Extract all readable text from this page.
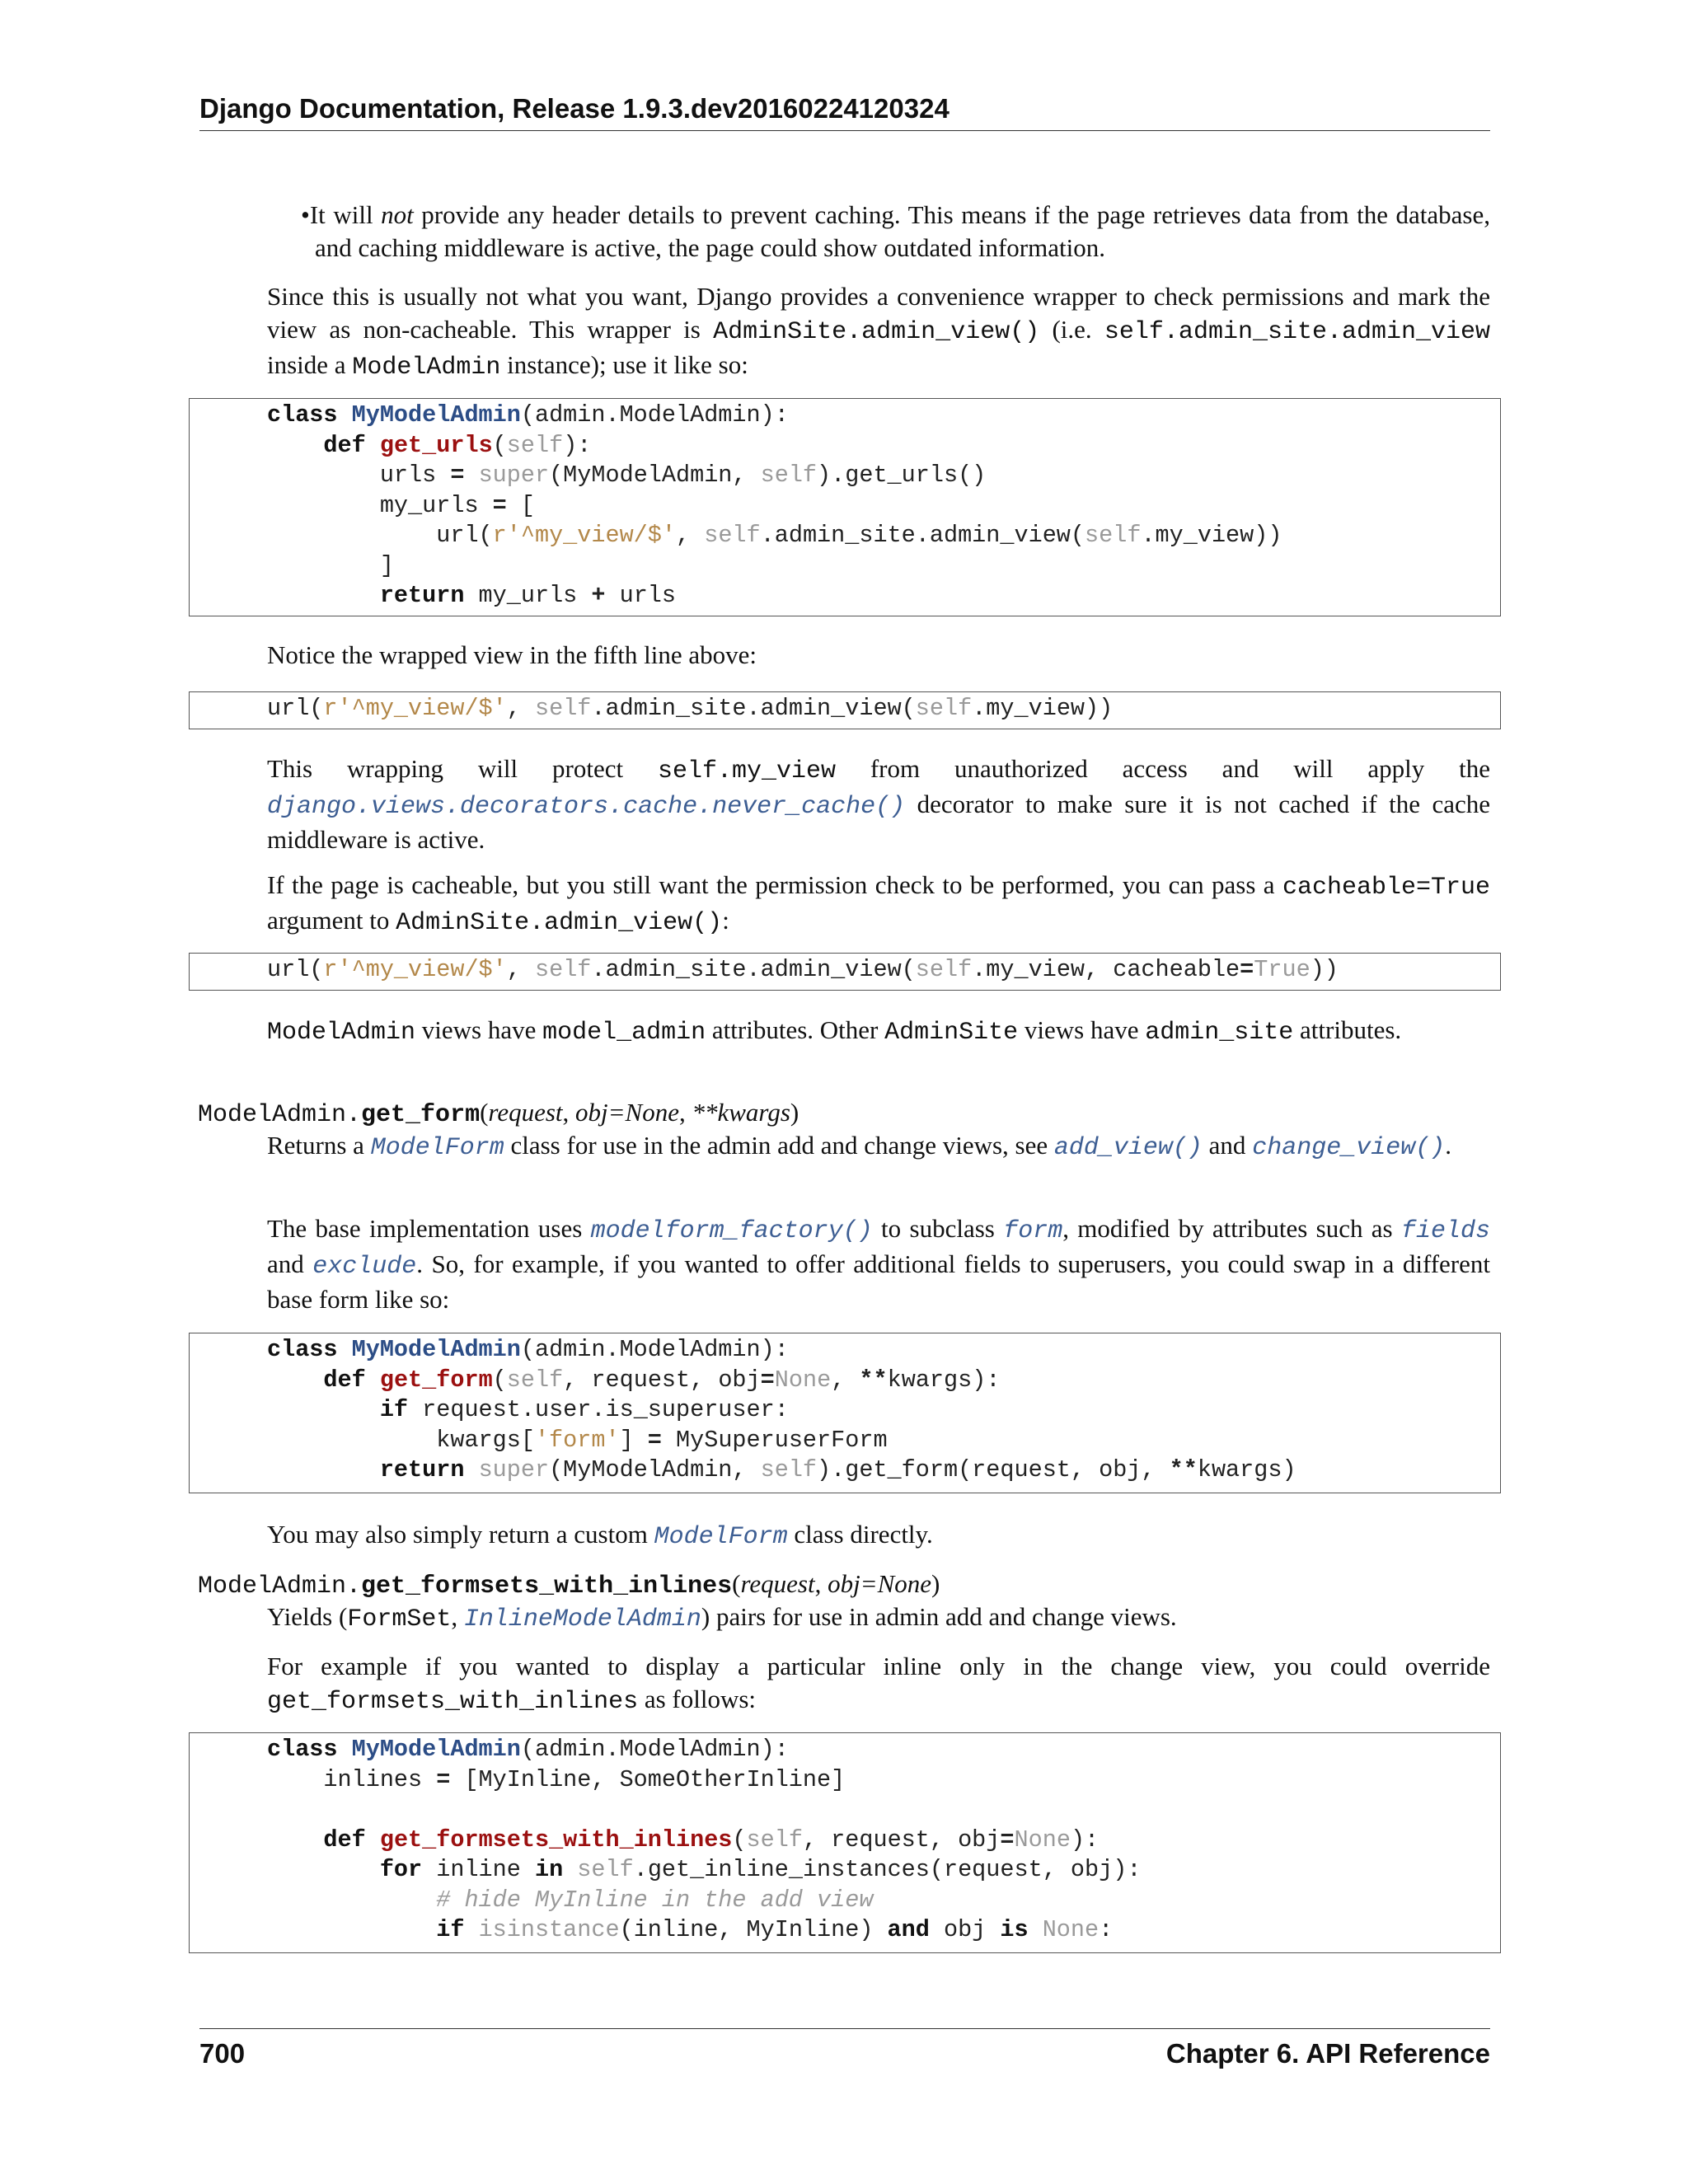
Django Documentation, Release 1.9.3.dev20160224120324
•It will not provide any header details to prevent caching. This means if the page retrieves data from the database, and caching middleware is active, the page could show outdated information.
Since this is usually not what you want, Django provides a convenience wrapper to check permissions and mark the view as non-cacheable. This wrapper is AdminSite.admin_view() (i.e. self.admin_site.admin_view inside a ModelAdmin instance); use it like so:
class MyModelAdmin(admin.ModelAdmin):
def get_urls(self):
urls = super(MyModelAdmin, self).get_urls()
my_urls = [
url(r'^my_view/$', self.admin_site.admin_view(self.my_view))
]
return my_urls + urls
Notice the wrapped view in the fifth line above:
url(r'^my_view/$', self.admin_site.admin_view(self.my_view))
This wrapping will protect self.my_view from unauthorized access and will apply the django.views.decorators.cache.never_cache() decorator to make sure it is not cached if the cache middleware is active.
If the page is cacheable, but you still want the permission check to be performed, you can pass a cacheable=True argument to AdminSite.admin_view():
url(r'^my_view/$', self.admin_site.admin_view(self.my_view, cacheable=True))
ModelAdmin views have model_admin attributes. Other AdminSite views have admin_site attributes.
ModelAdmin.get_form(request, obj=None, **kwargs)
Returns a ModelForm class for use in the admin add and change views, see add_view() and change_view().
The base implementation uses modelform_factory() to subclass form, modified by attributes such as fields and exclude. So, for example, if you wanted to offer additional fields to superusers, you could swap in a different base form like so:
class MyModelAdmin(admin.ModelAdmin):
def get_form(self, request, obj=None, **kwargs):
if request.user.is_superuser:
kwargs['form'] = MySuperuserForm
return super(MyModelAdmin, self).get_form(request, obj, **kwargs)
You may also simply return a custom ModelForm class directly.
ModelAdmin.get_formsets_with_inlines(request, obj=None)
Yields (FormSet, InlineModelAdmin) pairs for use in admin add and change views.
For example if you wanted to display a particular inline only in the change view, you could override get_formsets_with_inlines as follows:
class MyModelAdmin(admin.ModelAdmin):
inlines = [MyInline, SomeOtherInline]

def get_formsets_with_inlines(self, request, obj=None):
for inline in self.get_inline_instances(request, obj):
# hide MyInline in the add view
if isinstance(inline, MyInline) and obj is None:
700	Chapter 6. API Reference
